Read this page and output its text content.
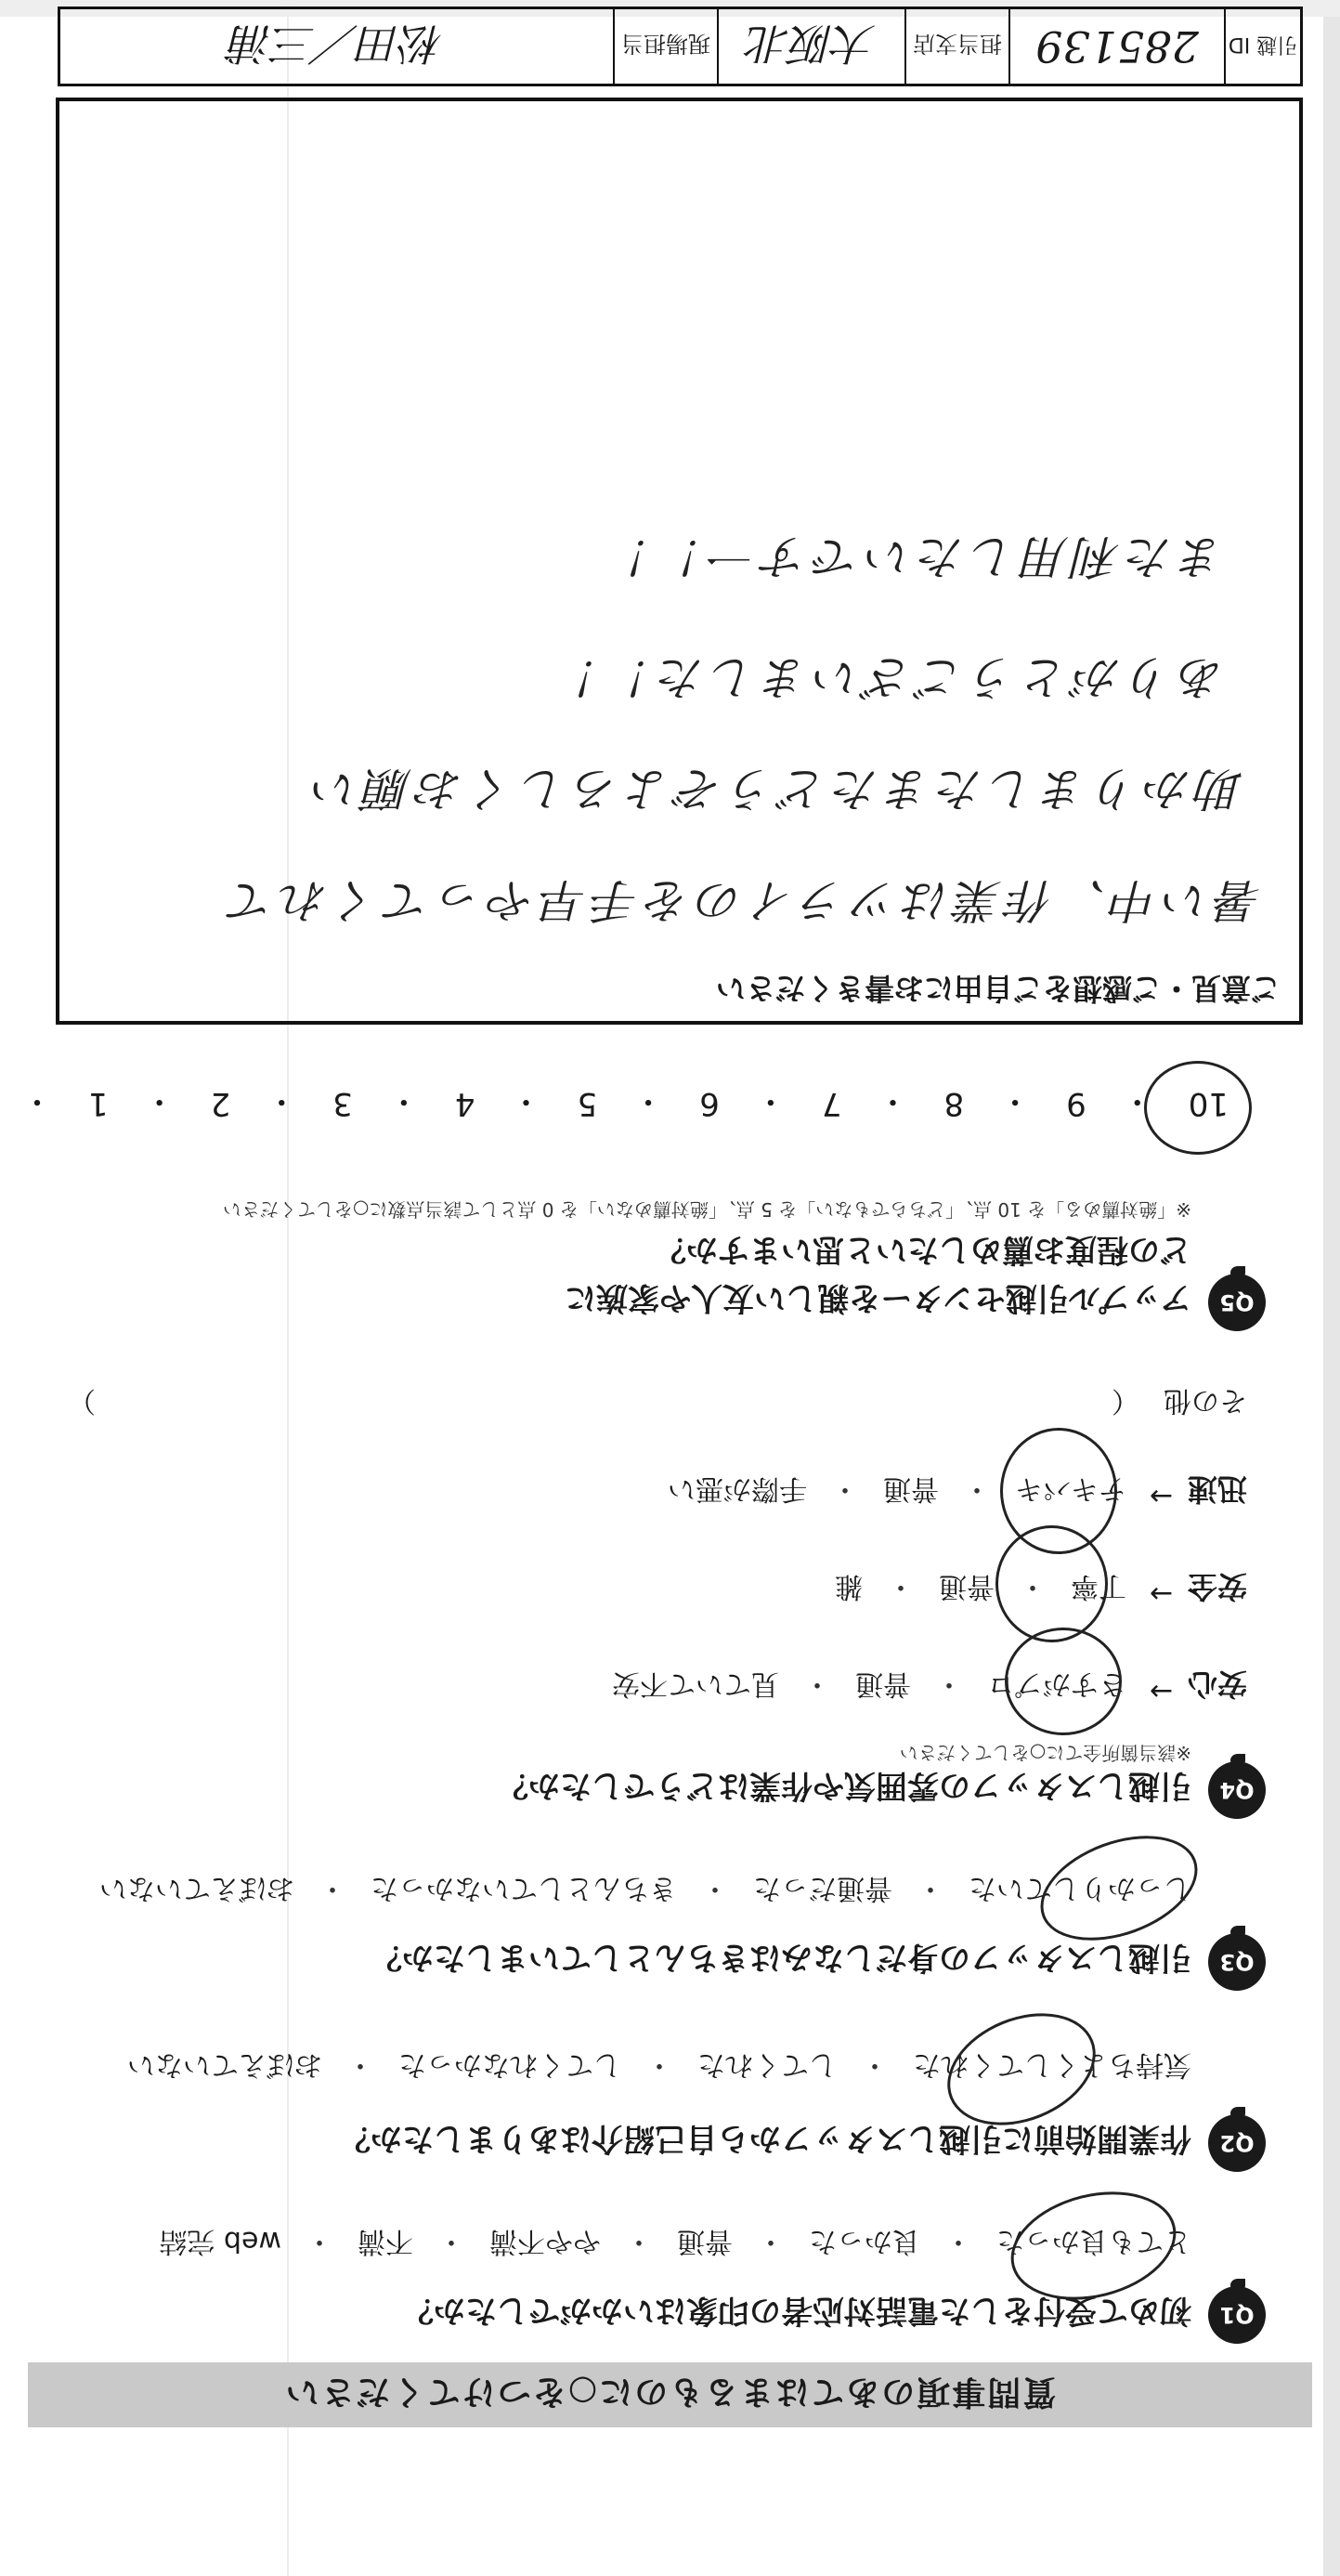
質問事項のあてはまるものに○をつけてください
Q1
初めて受付をした電話対応者の印象はいかがでしたか？
とても良かった
・
良かった
・
普通
・
やや不満
・
不満
・
web 完結
Q2
作業開始前に引越しスタッフから自己紹介はありましたか？
気持ちよくしてくれた
・
してくれた
・
してくれなかった
・
おぼえていない
Q3
引越しスタッフの身だしなみはきちんとしていましたか？
しっかりしていた
・
普通だった
・
きちんとしていなかった
・
おぼえていない
Q4
引越しスタッフの雰囲気や作業はどうでしたか？
※該当箇所全てに○をしてください
安心
→
さすがプロ
・
普通
・
見ていて不安
安全
→
丁寧
・
普通
・
雑
迅速
→
テキパキ
・
普通
・
手際が悪い
その他
（
）
Q5
アップル引越センターを親しい友人や家族に
どの程度お薦めしたいと思いますか？
※「絶対薦める」を 10 点、「どちらでもない」を 5 点、「絶対薦めない」を 0 点として該当点数に○をしてください
10
・
9
・
8
・
7
・
6
・
5
・
4
・
3
・
2
・
1
・
ご意見・ご感想をご自由にお書きください
暑い中、作業はツライのを手早やってくれて
助かりましたまたどうぞよろしくお願い
ありがとうございました！！
また利用したいです一！！
引越 ID
285139
担当支店
大阪北
現場担当
松田／三浦
